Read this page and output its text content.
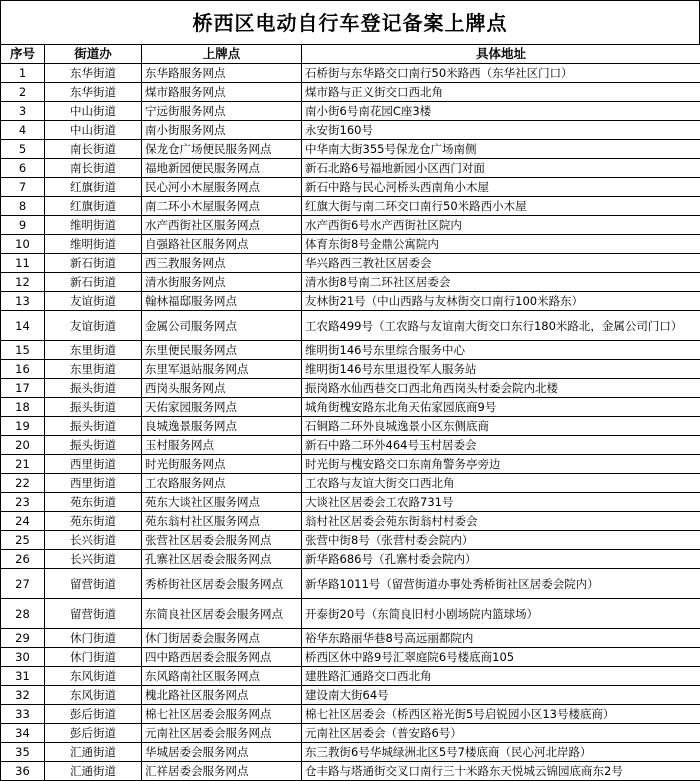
桥西区电动自行车登记备案上牌点
序号	街道办	上牌点	具体地址
1	东华街道	东华路服务网点	石桥街与东华路交口南行50米路西（东华社区门口）
2	东华街道	煤市路服务网点	煤市路与正义街交口西北角
3	中山街道	宁远街服务网点	南小街6号南花园C座3楼
4	中山街道	南小街服务网点	永安街160号
5	南长街道	保龙仓广场便民服务网点	中华南大街355号保龙仓广场南侧
6	南长街道	福地新园便民服务网点	新石北路6号福地新园小区西门对面
7	红旗街道	民心河小木屋服务网点	新石中路与民心河桥头西南角小木屋
8	红旗街道	南二环小木屋服务网点	红旗大街与南二环交口南行50米路西小木屋
9	维明街道	水产西街社区服务网点	水产西街6号水产西街社区院内
10	维明街道	自强路社区服务网点	体育东街8号金鼎公寓院内
11	新石街道	西三教服务网点	华兴路西三教社区居委会
12	新石街道	清水街服务网点	清水街8号南二环社区居委会
13	友谊街道	翰林福邸服务网点	友林街21号（中山西路与友林街交口南行100米路东）
14	友谊街道	金属公司服务网点	工农路499号（工农路与友谊南大街交口东行180米路北，金属公司门口）
15	东里街道	东里便民服务网点	维明街146号东里综合服务中心
16	东里街道	东里军退站服务网点	维明街146号东里退役军人服务站
17	振头街道	西岗头服务网点	振岗路水仙西巷交口西北角西岗头村委会院内北楼
18	振头街道	天佑家园服务网点	城角街槐安路东北角天佑家园底商9号
19	振头街道	良城逸景服务网点	石铜路二环外良城逸景小区东侧底商
20	振头街道	玉村服务网点	新石中路二环外464号玉村居委会
21	西里街道	时光街服务网点	时光街与槐安路交口东南角警务亭旁边
22	西里街道	工农路服务网点	工农路与友谊大街交口西北角
23	苑东街道	苑东大谈社区服务网点	大谈社区居委会工农路731号
24	苑东街道	苑东翁村社区服务网点	翁村社区居委会苑东街翁村村委会
25	长兴街道	张营社区居委会服务网点	张营中街8号（张营村委会院内）
26	长兴街道	孔寨社区居委会服务网点	新华路686号（孔寨村委会院内）
27	留营街道	秀桥街社区居委会服务网点	新华路1011号（留营街道办事处秀桥街社区居委会院内）
28	留营街道	东简良社区居委会服务网点	开泰街20号（东简良旧村小剧场院内篮球场）
29	休门街道	休门街居委会服务网点	裕华东路丽华巷8号高远丽都院内
30	休门街道	四中路西居委会服务网点	桥西区休中路9号汇翠庭院6号楼底商105
31	东风街道	东风路南社区服务网点	建胜路汇通路交口西北角
32	东风街道	槐北路社区服务网点	建设南大街64号
33	彭后街道	棉七社区居委会服务网点	棉七社区居委会（桥西区裕光街5号启锐园小区13号楼底商）
34	彭后街道	元南社区居委会服务网点	元南社区居委会（普安路6号）
35	汇通街道	华城居委会服务网点	东三教街6号华城绿洲北区5号7楼底商（民心河北岸路）
36	汇通街道	汇祥居委会服务网点	仓丰路与塔通街交叉口南行三十米路东天悦城云锦园底商东2号
